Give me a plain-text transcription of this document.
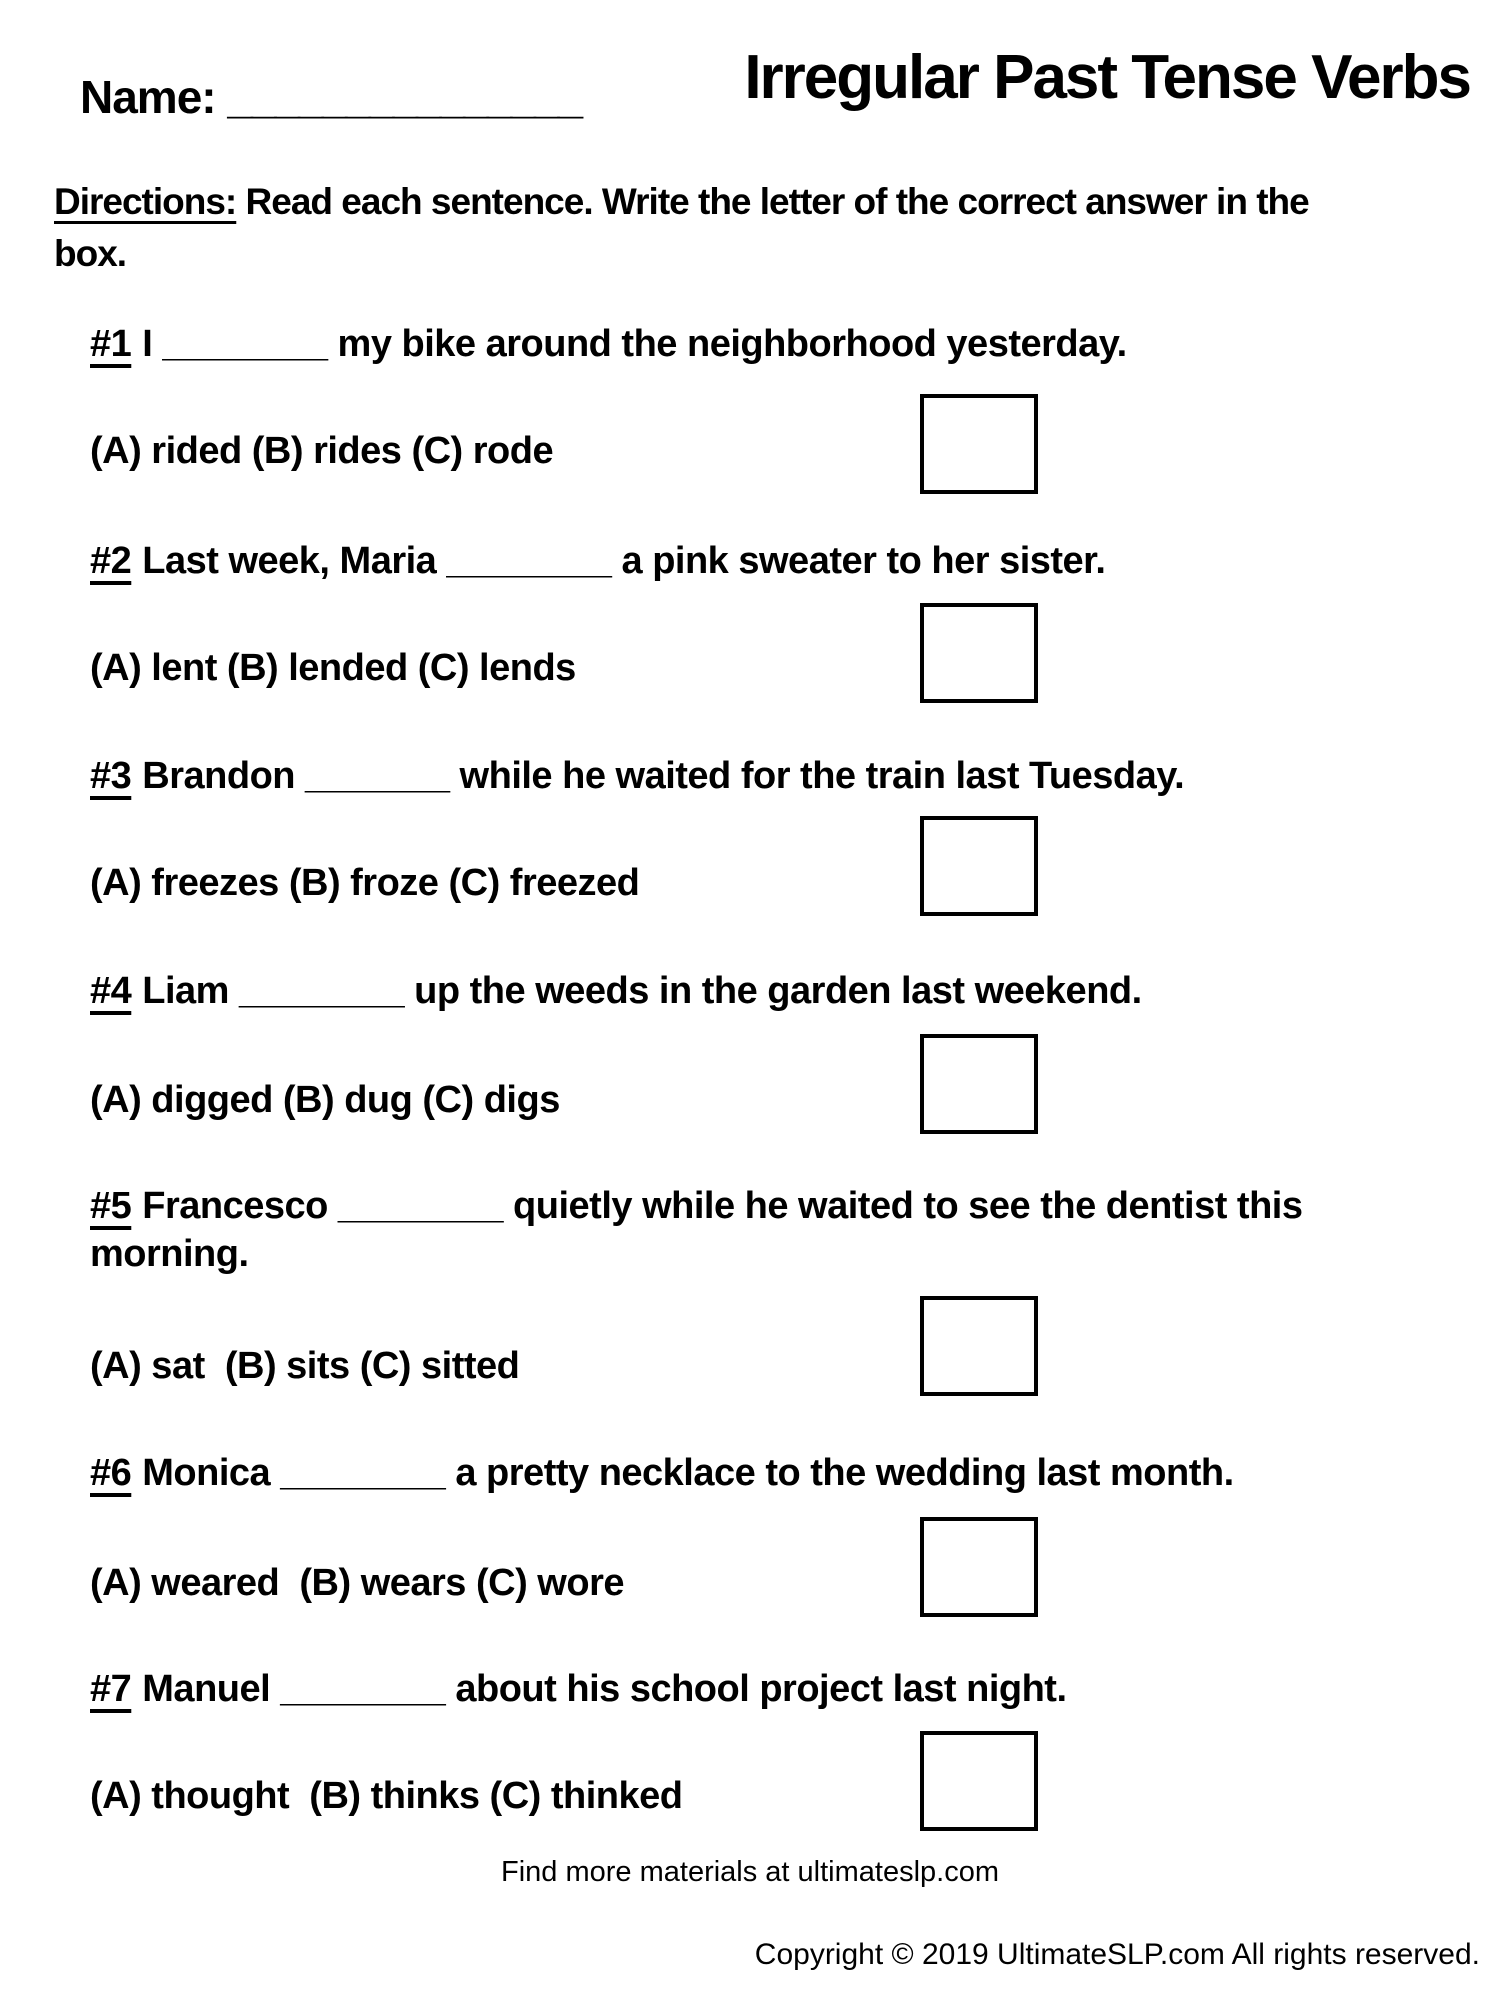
Name: _______________	Irregular Past Tense Verbs
Directions: Read each sentence. Write the letter of the correct answer in the
box.
#1 I ________ my bike around the neighborhood yesterday.
(A) rided (B) rides (C) rode
#2 Last week, Maria ________ a pink sweater to her sister.
(A) lent (B) lended (C) lends
#3 Brandon _______ while he waited for the train last Tuesday.
(A) freezes (B) froze (C) freezed
#4 Liam ________ up the weeds in the garden last weekend.
(A) digged (B) dug (C) digs
#5 Francesco ________ quietly while he waited to see the dentist this
morning.
(A) sat  (B) sits (C) sitted
#6 Monica ________ a pretty necklace to the wedding last month.
(A) weared  (B) wears (C) wore
#7 Manuel ________ about his school project last night.
(A) thought  (B) thinks (C) thinked
Find more materials at ultimateslp.com
Copyright © 2019 UltimateSLP.com All rights reserved.
